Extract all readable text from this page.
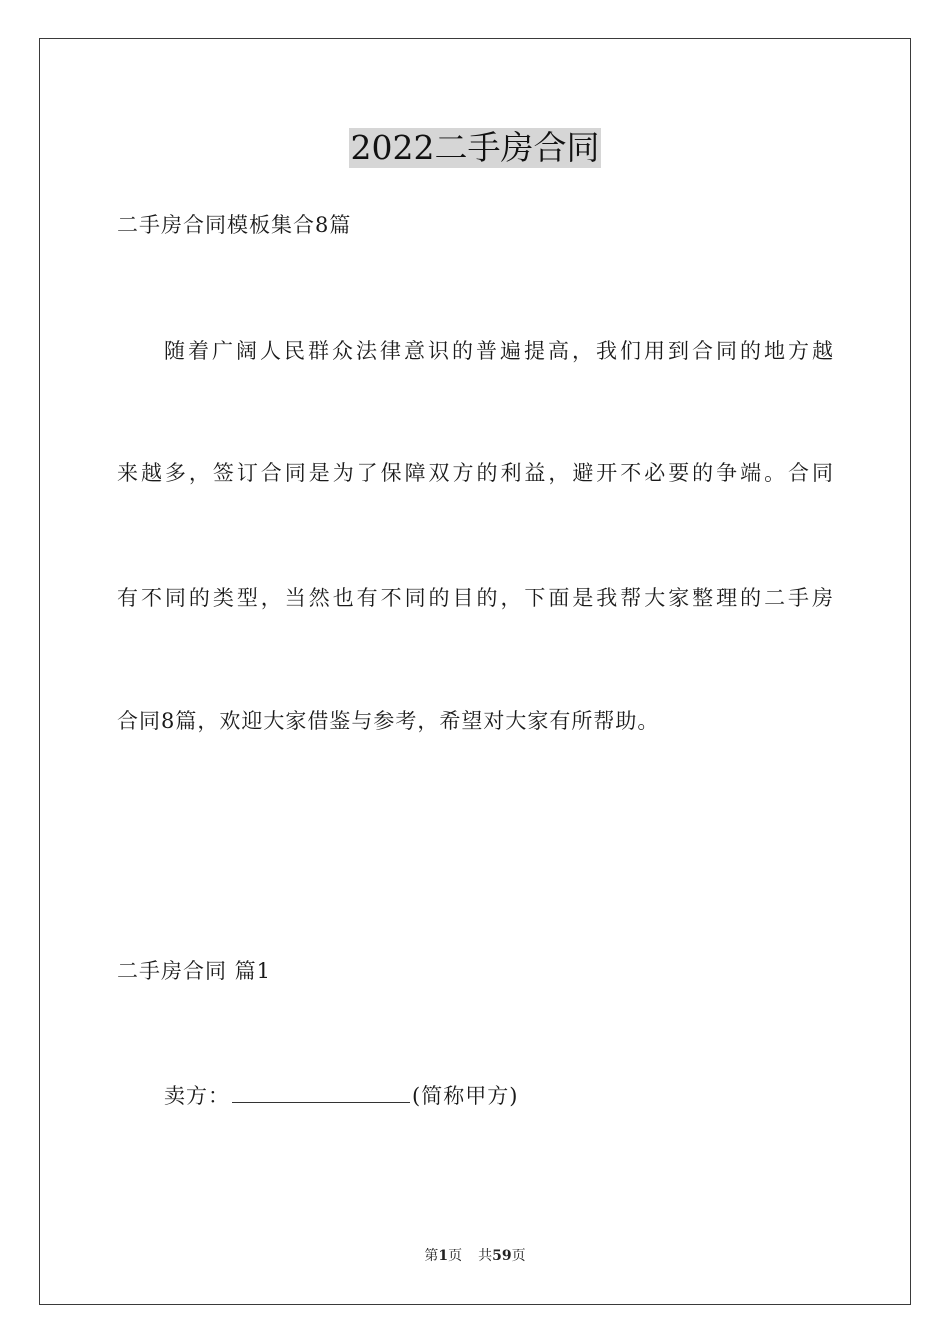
2022二手房合同
二手房合同模板集合8篇
随着广阔人民群众法律意识的普遍提高，我们用到合同的地方越
来越多，签订合同是为了保障双方的利益，避开不必要的争端。合同
有不同的类型，当然也有不同的目的，下面是我帮大家整理的二手房
合同8篇，欢迎大家借鉴与参考，希望对大家有所帮助。
二手房合同 篇1
卖方：	(简称甲方)
第1页 共59页
